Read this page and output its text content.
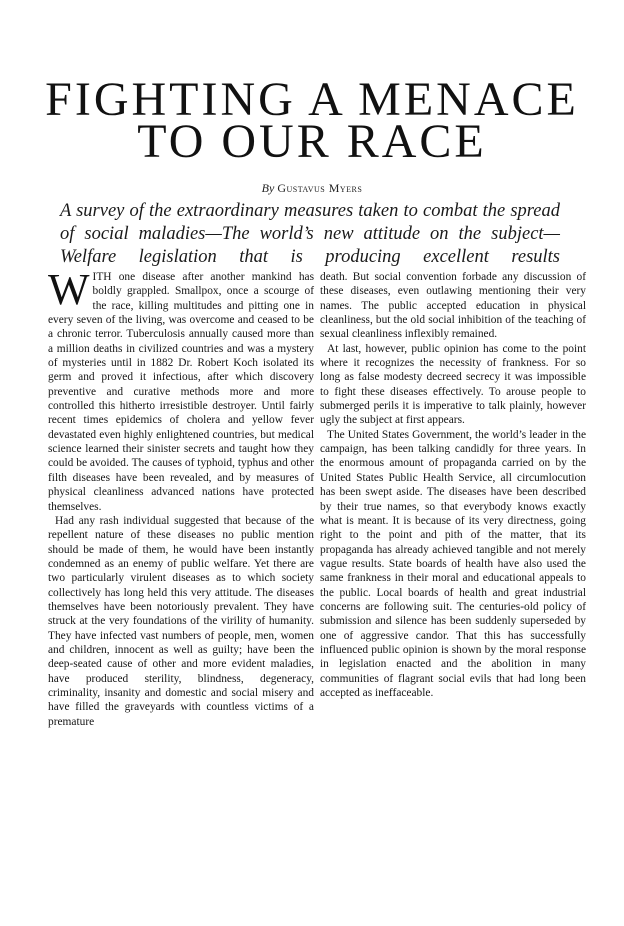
FIGHTING A MENACE
TO OUR RACE
By Gustavus Myers
A survey of the extraordinary measures taken to combat the spread of social maladies—The world’s new attitude on the subject—Welfare legislation that is producing excellent results

WITH one disease after another mankind has boldly grappled. Smallpox, once a scourge of the race, killing multitudes and pitting one in every seven of the living, was overcome and ceased to be a chronic terror. Tuberculosis annually caused more than a million deaths in civilized countries and was a mystery of mysteries until in 1882 Dr. Robert Koch isolated its germ and proved it infectious, after which discovery preventive and curative methods more and more controlled this hitherto irresistible destroyer. Until fairly recent times epidemics of cholera and yellow fever devastated even highly enlightened countries, but medical science learned their sinister secrets and taught how they could be avoided. The causes of typhoid, typhus and other filth diseases have been revealed, and by measures of physical cleanliness advanced nations have protected themselves.

Had any rash individual suggested that because of the repellent nature of these diseases no public mention should be made of them, he would have been instantly condemned as an enemy of public welfare. Yet there are two particularly virulent diseases as to which society collectively has long held this very attitude. The diseases themselves have been notoriously prevalent. They have struck at the very foundations of the virility of humanity. They have infected vast numbers of people, men, women and children, innocent as well as guilty; have been the deep-seated cause of other and more evident maladies, have produced sterility, blindness, degeneracy, criminality, insanity and domestic and social misery and have filled the graveyards with countless victims of a premature

death. But social convention forbade any discussion of these diseases, even outlawing mentioning their very names. The public accepted education in physical cleanliness, but the old social inhibition of the teaching of sexual cleanliness inflexibly remained.

At last, however, public opinion has come to the point where it recognizes the necessity of frankness. For so long as false modesty decreed secrecy it was impossible to fight these diseases effectively. To arouse people to submerged perils it is imperative to talk plainly, however ugly the subject at first appears.

The United States Government, the world’s leader in the campaign, has been talking candidly for three years. In the enormous amount of propaganda carried on by the United States Public Health Service, all circumlocution has been swept aside. The diseases have been described by their true names, so that everybody knows exactly what is meant. It is because of its very directness, going right to the point and pith of the matter, that its propaganda has already achieved tangible and not merely vague results. State boards of health have also used the same frankness in their moral and educational appeals to the public. Local boards of health and great industrial concerns are following suit. The centuries-old policy of submission and silence has been suddenly superseded by one of aggressive candor. That this has successfully influenced public opinion is shown by the moral response in legislation enacted and the abolition in many communities of flagrant social evils that had long been accepted as ineffaceable.
